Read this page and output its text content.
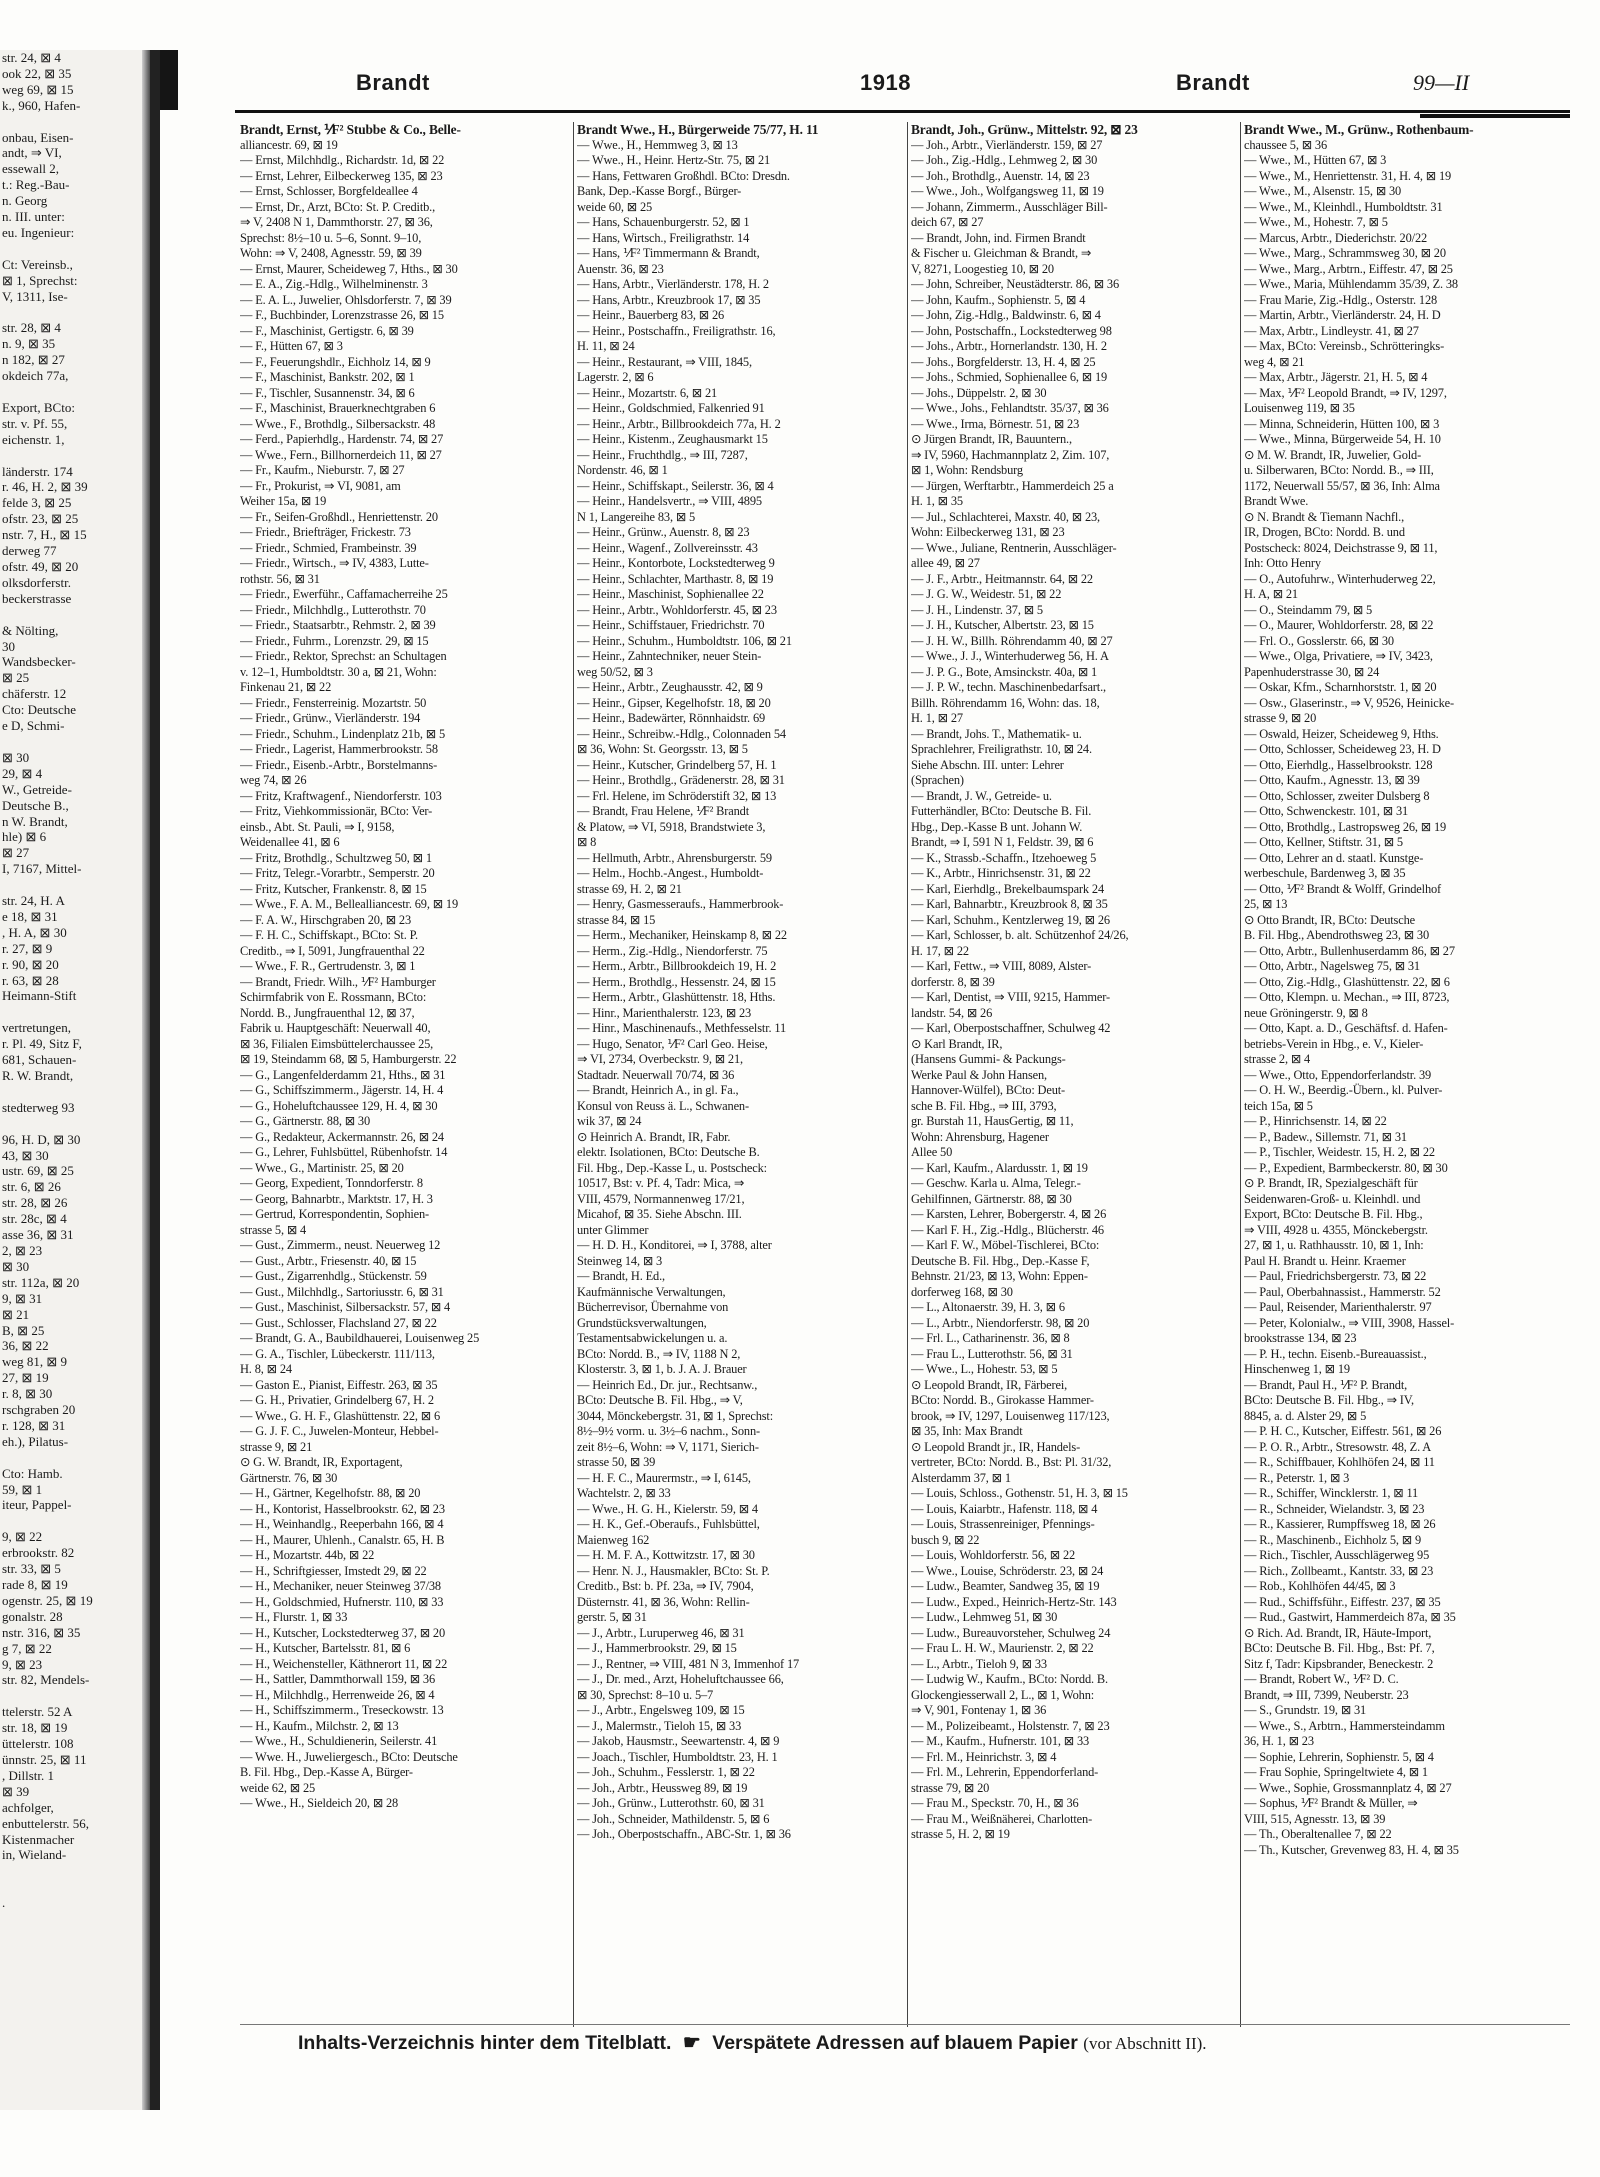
str. 24, ⊠ 4
ook 22, ⊠ 35
weg 69, ⊠ 15
k., 960, Hafen-

onbau, Eisen-
andt, ⇒ VI,
essewall 2,
t.: Reg.-Bau-
n. Georg
n. III. unter:
eu. Ingenieur:

Ct: Vereinsb.,
⊠ 1, Sprechst:
V, 1311, Ise-

str. 28, ⊠ 4
n. 9, ⊠ 35
n 182, ⊠ 27
okdeich 77a,

Export, BCto:
str. v. Pf. 55,
eichenstr. 1,

länderstr. 174
r. 46, H. 2, ⊠ 39
felde 3, ⊠ 25
ofstr. 23, ⊠ 25
nstr. 7, H., ⊠ 15
derweg 77
ofstr. 49, ⊠ 20
olksdorferstr.
beckerstrasse

& Nölting,
30
Wandsbecker-
⊠ 25
chäferstr. 12
Cto: Deutsche
e D, Schmi-

⊠ 30
29, ⊠ 4
W., Getreide-
Deutsche B.,
n W. Brandt,
hle) ⊠ 6
⊠ 27
I, 7167, Mittel-

str. 24, H. A
e 18, ⊠ 31
, H. A, ⊠ 30
r. 27, ⊠ 9
r. 90, ⊠ 20
r. 63, ⊠ 28
Heimann-Stift

vertretungen,
r. Pl. 49, Sitz F,
681, Schauen-
R. W. Brandt,

stedterweg 93

96, H. D, ⊠ 30
43, ⊠ 30
ustr. 69, ⊠ 25
str. 6, ⊠ 26
str. 28, ⊠ 26
str. 28c, ⊠ 4
asse 36, ⊠ 31
2, ⊠ 23
⊠ 30
str. 112a, ⊠ 20
9, ⊠ 31
⊠ 21
B, ⊠ 25
36, ⊠ 22
weg 81, ⊠ 9
27, ⊠ 19
r. 8, ⊠ 30
rschgraben 20
r. 128, ⊠ 31
eh.), Pilatus-

Cto: Hamb.
59, ⊠ 1
iteur, Pappel-

9, ⊠ 22
erbrookstr. 82
str. 33, ⊠ 5
rade 8, ⊠ 19
ogenstr. 25, ⊠ 19
gonalstr. 28
nstr. 316, ⊠ 35
g 7, ⊠ 22
9, ⊠ 23
str. 82, Mendels-

ttelerstr. 52 A
str. 18, ⊠ 19
üttelerstr. 108
ünnstr. 25, ⊠ 11
, Dillstr. 1
⊠ 39
achfolger,
enbuttelerstr. 56,
Kistenmacher
in, Wieland-

.
Brandt	1918	Brandt	99—II
Brandt, Ernst, ⅟F² Stubbe & Co., Belle-
alliancestr. 69, ⊠ 19
— Ernst, Milchhdlg., Richardstr. 1d, ⊠ 22
— Ernst, Lehrer, Eilbeckerweg 135, ⊠ 23
— Ernst, Schlosser, Borgfeldeallee 4
— Ernst, Dr., Arzt, BCto: St. P. Creditb.,
⇒ V, 2408 N 1, Dammthorstr. 27, ⊠ 36,
Sprechst: 8½–10 u. 5–6, Sonnt. 9–10,
Wohn: ⇒ V, 2408, Agnesstr. 59, ⊠ 39
— Ernst, Maurer, Scheideweg 7, Hths., ⊠ 30
— E. A., Zig.-Hdlg., Wilhelminenstr. 3
— E. A. L., Juwelier, Ohlsdorferstr. 7, ⊠ 39
— F., Buchbinder, Lorenzstrasse 26, ⊠ 15
— F., Maschinist, Gertigstr. 6, ⊠ 39
— F., Hütten 67, ⊠ 3
— F., Feuerungshdlr., Eichholz 14, ⊠ 9
— F., Maschinist, Bankstr. 202, ⊠ 1
— F., Tischler, Susannenstr. 34, ⊠ 6
— F., Maschinist, Brauerknechtgraben 6
— Wwe., F., Brothdlg., Silbersackstr. 48
— Ferd., Papierhdlg., Hardenstr. 74, ⊠ 27
— Wwe., Fern., Billhornerdeich 11, ⊠ 27
— Fr., Kaufm., Nieburstr. 7, ⊠ 27
— Fr., Prokurist, ⇒ VI, 9081, am
Weiher 15a, ⊠ 19
— Fr., Seifen-Großhdl., Henriettenstr. 20
— Friedr., Briefträger, Frickestr. 73
— Friedr., Schmied, Frambeinstr. 39
— Friedr., Wirtsch., ⇒ IV, 4383, Lutte-
rothstr. 56, ⊠ 31
— Friedr., Ewerführ., Caffamacherreihe 25
— Friedr., Milchhdlg., Lutterothstr. 70
— Friedr., Staatsarbtr., Rehmstr. 2, ⊠ 39
— Friedr., Fuhrm., Lorenzstr. 29, ⊠ 15
— Friedr., Rektor, Sprechst: an Schultagen
v. 12–1, Humboldtstr. 30 a, ⊠ 21, Wohn:
Finkenau 21, ⊠ 22
— Friedr., Fensterreinig. Mozartstr. 50
— Friedr., Grünw., Vierländerstr. 194
— Friedr., Schuhm., Lindenplatz 21b, ⊠ 5
— Friedr., Lagerist, Hammerbrookstr. 58
— Friedr., Eisenb.-Arbtr., Borstelmanns-
weg 74, ⊠ 26
— Fritz, Kraftwagenf., Niendorferstr. 103
— Fritz, Viehkommissionär, BCto: Ver-
einsb., Abt. St. Pauli, ⇒ I, 9158,
Weidenallee 41, ⊠ 6
— Fritz, Brothdlg., Schultzweg 50, ⊠ 1
— Fritz, Telegr.-Vorarbtr., Semperstr. 20
— Fritz, Kutscher, Frankenstr. 8, ⊠ 15
— Wwe., F. A. M., Bellealliancestr. 69, ⊠ 19
— F. A. W., Hirschgraben 20, ⊠ 23
— F. H. C., Schiffskapt., BCto: St. P.
Creditb., ⇒ I, 5091, Jungfrauenthal 22
— Wwe., F. R., Gertrudenstr. 3, ⊠ 1
— Brandt, Friedr. Wilh., ⅟F² Hamburger
Schirmfabrik von E. Rossmann, BCto:
Nordd. B., Jungfrauenthal 12, ⊠ 37,
Fabrik u. Hauptgeschäft: Neuerwall 40,
⊠ 36, Filialen Eimsbüttelerchaussee 25,
⊠ 19, Steindamm 68, ⊠ 5, Hamburgerstr. 22
— G., Langenfelderdamm 21, Hths., ⊠ 31
— G., Schiffszimmerm., Jägerstr. 14, H. 4
— G., Hoheluftchaussee 129, H. 4, ⊠ 30
— G., Gärtnerstr. 88, ⊠ 30
— G., Redakteur, Ackermannstr. 26, ⊠ 24
— G., Lehrer, Fuhlsbüttel, Rübenhofstr. 14
— Wwe., G., Martinistr. 25, ⊠ 20
— Georg, Expedient, Tonndorferstr. 8
— Georg, Bahnarbtr., Marktstr. 17, H. 3
— Gertrud, Korrespondentin, Sophien-
strasse 5, ⊠ 4
— Gust., Zimmerm., neust. Neuerweg 12
— Gust., Arbtr., Friesenstr. 40, ⊠ 15
— Gust., Zigarrenhdlg., Stückenstr. 59
— Gust., Milchhdlg., Sartoriusstr. 6, ⊠ 31
— Gust., Maschinist, Silbersackstr. 57, ⊠ 4
— Gust., Schlosser, Flachsland 27, ⊠ 22
— Brandt, G. A., Baubildhauerei, Louisenweg 25
— G. A., Tischler, Lübeckerstr. 111/113,
H. 8, ⊠ 24
— Gaston E., Pianist, Eiffestr. 263, ⊠ 35
— G. H., Privatier, Grindelberg 67, H. 2
— Wwe., G. H. F., Glashüttenstr. 22, ⊠ 6
— G. J. F. C., Juwelen-Monteur, Hebbel-
strasse 9, ⊠ 21
⊙ G. W. Brandt, IR, Exportagent,
Gärtnerstr. 76, ⊠ 30
— H., Gärtner, Kegelhofstr. 88, ⊠ 20
— H., Kontorist, Hasselbrookstr. 62, ⊠ 23
— H., Weinhandlg., Reeperbahn 166, ⊠ 4
— H., Maurer, Uhlenh., Canalstr. 65, H. B
— H., Mozartstr. 44b, ⊠ 22
— H., Schriftgiesser, Imstedt 29, ⊠ 22
— H., Mechaniker, neuer Steinweg 37/38
— H., Goldschmied, Hufnerstr. 110, ⊠ 33
— H., Flurstr. 1, ⊠ 33
— H., Kutscher, Lockstedterweg 37, ⊠ 20
— H., Kutscher, Bartelsstr. 81, ⊠ 6
— H., Weichensteller, Käthnerort 11, ⊠ 22
— H., Sattler, Dammthorwall 159, ⊠ 36
— H., Milchhdlg., Herrenweide 26, ⊠ 4
— H., Schiffszimmerm., Treseckowstr. 13
— H., Kaufm., Milchstr. 2, ⊠ 13
— Wwe., H., Schuldienerin, Seilerstr. 41
— Wwe. H., Juweliergesch., BCto: Deutsche
B. Fil. Hbg., Dep.-Kasse A, Bürger-
weide 62, ⊠ 25
— Wwe., H., Sieldeich 20, ⊠ 28
Brandt Wwe., H., Bürgerweide 75/77, H. 11
— Wwe., H., Hemmweg 3, ⊠ 13
— Wwe., H., Heinr. Hertz-Str. 75, ⊠ 21
— Hans, Fettwaren Großhdl. BCto: Dresdn.
Bank, Dep.-Kasse Borgf., Bürger-
weide 60, ⊠ 25
— Hans, Schauenburgerstr. 52, ⊠ 1
— Hans, Wirtsch., Freiligrathstr. 14
— Hans, ⅟F² Timmermann & Brandt,
Auenstr. 36, ⊠ 23
— Hans, Arbtr., Vierländerstr. 178, H. 2
— Hans, Arbtr., Kreuzbrook 17, ⊠ 35
— Heinr., Bauerberg 83, ⊠ 26
— Heinr., Postschaffn., Freiligrathstr. 16,
H. 11, ⊠ 24
— Heinr., Restaurant, ⇒ VIII, 1845,
Lagerstr. 2, ⊠ 6
— Heinr., Mozartstr. 6, ⊠ 21
— Heinr., Goldschmied, Falkenried 91
— Heinr., Arbtr., Billbrookdeich 77a, H. 2
— Heinr., Kistenm., Zeughausmarkt 15
— Heinr., Fruchthdlg., ⇒ III, 7287,
Nordenstr. 46, ⊠ 1
— Heinr., Schiffskapt., Seilerstr. 36, ⊠ 4
— Heinr., Handelsvertr., ⇒ VIII, 4895
N 1, Langereihe 83, ⊠ 5
— Heinr., Grünw., Auenstr. 8, ⊠ 23
— Heinr., Wagenf., Zollvereinsstr. 43
— Heinr., Kontorbote, Lockstedterweg 9
— Heinr., Schlachter, Marthastr. 8, ⊠ 19
— Heinr., Maschinist, Sophienallee 22
— Heinr., Arbtr., Wohldorferstr. 45, ⊠ 23
— Heinr., Schiffstauer, Friedrichstr. 70
— Heinr., Schuhm., Humboldtstr. 106, ⊠ 21
— Heinr., Zahntechniker, neuer Stein-
weg 50/52, ⊠ 3
— Heinr., Arbtr., Zeughausstr. 42, ⊠ 9
— Heinr., Gipser, Kegelhofstr. 18, ⊠ 20
— Heinr., Badewärter, Rönnhaidstr. 69
— Heinr., Schreibw.-Hdlg., Colonnaden 54
⊠ 36, Wohn: St. Georgsstr. 13, ⊠ 5
— Heinr., Kutscher, Grindelberg 57, H. 1
— Heinr., Brothdlg., Grädenerstr. 28, ⊠ 31
— Frl. Helene, im Schröderstift 32, ⊠ 13
— Brandt, Frau Helene, ⅟F² Brandt
& Platow, ⇒ VI, 5918, Brandstwiete 3,
⊠ 8
— Hellmuth, Arbtr., Ahrensburgerstr. 59
— Helm., Hochb.-Angest., Humboldt-
strasse 69, H. 2, ⊠ 21
— Henry, Gasmesseraufs., Hammerbrook-
strasse 84, ⊠ 15
— Herm., Mechaniker, Heinskamp 8, ⊠ 22
— Herm., Zig.-Hdlg., Niendorferstr. 75
— Herm., Arbtr., Billbrookdeich 19, H. 2
— Herm., Brothdlg., Hessenstr. 24, ⊠ 15
— Herm., Arbtr., Glashüttenstr. 18, Hths.
— Hinr., Marienthalerstr. 123, ⊠ 23
— Hinr., Maschinenaufs., Methfesselstr. 11
— Hugo, Senator, ⅟F² Carl Geo. Heise,
⇒ VI, 2734, Overbeckstr. 9, ⊠ 21,
Stadtadr. Neuerwall 70/74, ⊠ 36
— Brandt, Heinrich A., in gl. Fa.,
Konsul von Reuss ä. L., Schwanen-
wik 37, ⊠ 24
⊙ Heinrich A. Brandt, IR, Fabr.
elektr. Isolationen, BCto: Deutsche B.
Fil. Hbg., Dep.-Kasse L, u. Postscheck:
10517, Bst: v. Pf. 4, Tadr: Mica, ⇒
VIII, 4579, Normannenweg 17/21,
Micahof, ⊠ 35. Siehe Abschn. III.
unter Glimmer
— H. D. H., Konditorei, ⇒ I, 3788, alter
Steinweg 14, ⊠ 3
— Brandt, H. Ed.,
Kaufmännische Verwaltungen,
Bücherrevisor, Übernahme von
Grundstücksverwaltungen,
Testamentsabwickelungen u. a.
BCto: Nordd. B., ⇒ IV, 1188 N 2,
Klosterstr. 3, ⊠ 1, b. J. A. J. Brauer
— Heinrich Ed., Dr. jur., Rechtsanw.,
BCto: Deutsche B. Fil. Hbg., ⇒ V,
3044, Mönckebergstr. 31, ⊠ 1, Sprechst:
8½–9½ vorm. u. 3½–6 nachm., Sonn-
zeit 8½–6, Wohn: ⇒ V, 1171, Sierich-
strasse 50, ⊠ 39
— H. F. C., Maurermstr., ⇒ I, 6145,
Wachtelstr. 2, ⊠ 33
— Wwe., H. G. H., Kielerstr. 59, ⊠ 4
— H. K., Gef.-Oberaufs., Fuhlsbüttel,
Maienweg 162
— H. M. F. A., Kottwitzstr. 17, ⊠ 30
— Henr. N. J., Hausmakler, BCto: St. P.
Creditb., Bst: b. Pf. 23a, ⇒ IV, 7904,
Düsternstr. 41, ⊠ 36, Wohn: Rellin-
gerstr. 5, ⊠ 31
— J., Arbtr., Luruperweg 46, ⊠ 31
— J., Hammerbrookstr. 29, ⊠ 15
— J., Rentner, ⇒ VIII, 481 N 3, Immenhof 17
— J., Dr. med., Arzt, Hoheluftchaussee 66,
⊠ 30, Sprechst: 8–10 u. 5–7
— J., Arbtr., Engelsweg 109, ⊠ 15
— J., Malermstr., Tieloh 15, ⊠ 33
— Jakob, Hausmstr., Seewartenstr. 4, ⊠ 9
— Joach., Tischler, Humboldtstr. 23, H. 1
— Joh., Schuhm., Fesslerstr. 1, ⊠ 22
— Joh., Arbtr., Heussweg 89, ⊠ 19
— Joh., Grünw., Lutterothstr. 60, ⊠ 31
— Joh., Schneider, Mathildenstr. 5, ⊠ 6
— Joh., Oberpostschaffn., ABC-Str. 1, ⊠ 36
Brandt, Joh., Grünw., Mittelstr. 92, ⊠ 23
— Joh., Arbtr., Vierländerstr. 159, ⊠ 27
— Joh., Zig.-Hdlg., Lehmweg 2, ⊠ 30
— Joh., Brothdlg., Auenstr. 14, ⊠ 23
— Wwe., Joh., Wolfgangsweg 11, ⊠ 19
— Johann, Zimmerm., Ausschläger Bill-
deich 67, ⊠ 27
— Brandt, John, ind. Firmen Brandt
& Fischer u. Gleichman & Brandt, ⇒
V, 8271, Loogestieg 10, ⊠ 20
— John, Schreiber, Neustädterstr. 86, ⊠ 36
— John, Kaufm., Sophienstr. 5, ⊠ 4
— John, Zig.-Hdlg., Baldwinstr. 6, ⊠ 4
— John, Postschaffn., Lockstedterweg 98
— Johs., Arbtr., Hornerlandstr. 130, H. 2
— Johs., Borgfelderstr. 13, H. 4, ⊠ 25
— Johs., Schmied, Sophienallee 6, ⊠ 19
— Johs., Düppelstr. 2, ⊠ 30
— Wwe., Johs., Fehlandtstr. 35/37, ⊠ 36
— Wwe., Irma, Börnestr. 51, ⊠ 23
⊙ Jürgen Brandt, IR, Bauuntern.,
⇒ IV, 5960, Hachmannplatz 2, Zim. 107,
⊠ 1, Wohn: Rendsburg
— Jürgen, Werftarbtr., Hammerdeich 25 a
H. 1, ⊠ 35
— Jul., Schlachterei, Maxstr. 40, ⊠ 23,
Wohn: Eilbeckerweg 131, ⊠ 23
— Wwe., Juliane, Rentnerin, Ausschläger-
allee 49, ⊠ 27
— J. F., Arbtr., Heitmannstr. 64, ⊠ 22
— J. G. W., Weidestr. 51, ⊠ 22
— J. H., Lindenstr. 37, ⊠ 5
— J. H., Kutscher, Albertstr. 23, ⊠ 15
— J. H. W., Billh. Röhrendamm 40, ⊠ 27
— Wwe., J. J., Winterhuderweg 56, H. A
— J. P. G., Bote, Amsinckstr. 40a, ⊠ 1
— J. P. W., techn. Maschinenbedarfsart.,
Billh. Röhrendamm 16, Wohn: das. 18,
H. 1, ⊠ 27
— Brandt, Johs. T., Mathematik- u.
Sprachlehrer, Freiligrathstr. 10, ⊠ 24.
Siehe Abschn. III. unter: Lehrer
(Sprachen)
— Brandt, J. W., Getreide- u.
Futterhändler, BCto: Deutsche B. Fil.
Hbg., Dep.-Kasse B unt. Johann W.
Brandt, ⇒ I, 591 N 1, Feldstr. 39, ⊠ 6
— K., Strassb.-Schaffn., Itzehoeweg 5
— K., Arbtr., Hinrichsenstr. 31, ⊠ 22
— Karl, Eierhdlg., Brekelbaumspark 24
— Karl, Bahnarbtr., Kreuzbrook 8, ⊠ 35
— Karl, Schuhm., Kentzlerweg 19, ⊠ 26
— Karl, Schlosser, b. alt. Schützenhof 24/26,
H. 17, ⊠ 22
— Karl, Fettw., ⇒ VIII, 8089, Alster-
dorferstr. 8, ⊠ 39
— Karl, Dentist, ⇒ VIII, 9215, Hammer-
landstr. 54, ⊠ 26
— Karl, Oberpostschaffner, Schulweg 42
⊙ Karl Brandt, IR,
(Hansens Gummi- & Packungs-
Werke Paul & John Hansen,
Hannover-Wülfel), BCto: Deut-
sche B. Fil. Hbg., ⇒ III, 3793,
gr. Burstah 11, HausGertig, ⊠ 11,
Wohn: Ahrensburg, Hagener
Allee 50
— Karl, Kaufm., Alardusstr. 1, ⊠ 19
— Geschw. Karla u. Alma, Telegr.-
Gehilfinnen, Gärtnerstr. 88, ⊠ 30
— Karsten, Lehrer, Bobergerstr. 4, ⊠ 26
— Karl F. H., Zig.-Hdlg., Blücherstr. 46
— Karl F. W., Möbel-Tischlerei, BCto:
Deutsche B. Fil. Hbg., Dep.-Kasse F,
Behnstr. 21/23, ⊠ 13, Wohn: Eppen-
dorferweg 168, ⊠ 30
— L., Altonaerstr. 39, H. 3, ⊠ 6
— L., Arbtr., Niendorferstr. 98, ⊠ 20
— Frl. L., Catharinenstr. 36, ⊠ 8
— Frau L., Lutterothstr. 56, ⊠ 31
— Wwe., L., Hohestr. 53, ⊠ 5
⊙ Leopold Brandt, IR, Färberei,
BCto: Nordd. B., Girokasse Hammer-
brook, ⇒ IV, 1297, Louisenweg 117/123,
⊠ 35, Inh: Max Brandt
⊙ Leopold Brandt jr., IR, Handels-
vertreter, BCto: Nordd. B., Bst: Pl. 31/32,
Alsterdamm 37, ⊠ 1
— Louis, Schloss., Gothenstr. 51, H. 3, ⊠ 15
— Louis, Kaiarbtr., Hafenstr. 118, ⊠ 4
— Louis, Strassenreiniger, Pfennings-
busch 9, ⊠ 22
— Louis, Wohldorferstr. 56, ⊠ 22
— Wwe., Louise, Schröderstr. 23, ⊠ 24
— Ludw., Beamter, Sandweg 35, ⊠ 19
— Ludw., Exped., Heinrich-Hertz-Str. 143
— Ludw., Lehmweg 51, ⊠ 30
— Ludw., Bureauvorsteher, Schulweg 24
— Frau L. H. W., Maurienstr. 2, ⊠ 22
— L., Arbtr., Tieloh 9, ⊠ 33
— Ludwig W., Kaufm., BCto: Nordd. B.
Glockengiesserwall 2, L., ⊠ 1, Wohn:
⇒ V, 901, Fontenay 1, ⊠ 36
— M., Polizeibeamt., Holstenstr. 7, ⊠ 23
— M., Kaufm., Hufnerstr. 101, ⊠ 33
— Frl. M., Heinrichstr. 3, ⊠ 4
— Frl. M., Lehrerin, Eppendorferland-
strasse 79, ⊠ 20
— Frau M., Speckstr. 70, H., ⊠ 36
— Frau M., Weißnäherei, Charlotten-
strasse 5, H. 2, ⊠ 19
Brandt Wwe., M., Grünw., Rothenbaum-
chaussee 5, ⊠ 36
— Wwe., M., Hütten 67, ⊠ 3
— Wwe., M., Henriettenstr. 31, H. 4, ⊠ 19
— Wwe., M., Alsenstr. 15, ⊠ 30
— Wwe., M., Kleinhdl., Humboldtstr. 31
— Wwe., M., Hohestr. 7, ⊠ 5
— Marcus, Arbtr., Diederichstr. 20/22
— Wwe., Marg., Schrammsweg 30, ⊠ 20
— Wwe., Marg., Arbtrn., Eiffestr. 47, ⊠ 25
— Wwe., Maria, Mühlendamm 35/39, Z. 38
— Frau Marie, Zig.-Hdlg., Osterstr. 128
— Martin, Arbtr., Vierländerstr. 24, H. D
— Max, Arbtr., Lindleystr. 41, ⊠ 27
— Max, BCto: Vereinsb., Schrötteringks-
weg 4, ⊠ 21
— Max, Arbtr., Jägerstr. 21, H. 5, ⊠ 4
— Max, ⅟F² Leopold Brandt, ⇒ IV, 1297,
Louisenweg 119, ⊠ 35
— Minna, Schneiderin, Hütten 100, ⊠ 3
— Wwe., Minna, Bürgerweide 54, H. 10
⊙ M. W. Brandt, IR, Juwelier, Gold-
u. Silberwaren, BCto: Nordd. B., ⇒ III,
1172, Neuerwall 55/57, ⊠ 36, Inh: Alma
Brandt Wwe.
⊙ N. Brandt & Tiemann Nachfl.,
IR, Drogen, BCto: Nordd. B. und
Postscheck: 8024, Deichstrasse 9, ⊠ 11,
Inh: Otto Henry
— O., Autofuhrw., Winterhuderweg 22,
H. A, ⊠ 21
— O., Steindamm 79, ⊠ 5
— O., Maurer, Wohldorferstr. 28, ⊠ 22
— Frl. O., Gosslerstr. 66, ⊠ 30
— Wwe., Olga, Privatiere, ⇒ IV, 3423,
Papenhuderstrasse 30, ⊠ 24
— Oskar, Kfm., Scharnhorststr. 1, ⊠ 20
— Osw., Glaserinstr., ⇒ V, 9526, Heinicke-
strasse 9, ⊠ 20
— Oswald, Heizer, Scheideweg 9, Hths.
— Otto, Schlosser, Scheideweg 23, H. D
— Otto, Eierhdlg., Hasselbrookstr. 128
— Otto, Kaufm., Agnesstr. 13, ⊠ 39
— Otto, Schlosser, zweiter Dulsberg 8
— Otto, Schwenckestr. 101, ⊠ 31
— Otto, Brothdlg., Lastropsweg 26, ⊠ 19
— Otto, Kellner, Stiftstr. 31, ⊠ 5
— Otto, Lehrer an d. staatl. Kunstge-
werbeschule, Bardenweg 3, ⊠ 35
— Otto, ⅟F² Brandt & Wolff, Grindelhof
25, ⊠ 13
⊙ Otto Brandt, IR, BCto: Deutsche
B. Fil. Hbg., Abendrothsweg 23, ⊠ 30
— Otto, Arbtr., Bullenhuserdamm 86, ⊠ 27
— Otto, Arbtr., Nagelsweg 75, ⊠ 31
— Otto, Zig.-Hdlg., Glashüttenstr. 22, ⊠ 6
— Otto, Klempn. u. Mechan., ⇒ III, 8723,
neue Gröningerstr. 9, ⊠ 8
— Otto, Kapt. a. D., Geschäftsf. d. Hafen-
betriebs-Verein in Hbg., e. V., Kieler-
strasse 2, ⊠ 4
— Wwe., Otto, Eppendorferlandstr. 39
— O. H. W., Beerdig.-Übern., kl. Pulver-
teich 15a, ⊠ 5
— P., Hinrichsenstr. 14, ⊠ 22
— P., Badew., Sillemstr. 71, ⊠ 31
— P., Tischler, Weidestr. 15, H. 2, ⊠ 22
— P., Expedient, Barmbeckerstr. 80, ⊠ 30
⊙ P. Brandt, IR, Spezialgeschäft für
Seidenwaren-Groß- u. Kleinhdl. und
Export, BCto: Deutsche B. Fil. Hbg.,
⇒ VIII, 4928 u. 4355, Mönckebergstr.
27, ⊠ 1, u. Rathhausstr. 10, ⊠ 1, Inh:
Paul H. Brandt u. Heinr. Kraemer
— Paul, Friedrichsbergerstr. 73, ⊠ 22
— Paul, Oberbahnassist., Hammerstr. 52
— Paul, Reisender, Marienthalerstr. 97
— Peter, Kolonialw., ⇒ VIII, 3908, Hassel-
brookstrasse 134, ⊠ 23
— P. H., techn. Eisenb.-Bureauassist.,
Hinschenweg 1, ⊠ 19
— Brandt, Paul H., ⅟F² P. Brandt,
BCto: Deutsche B. Fil. Hbg., ⇒ IV,
8845, a. d. Alster 29, ⊠ 5
— P. H. C., Kutscher, Eiffestr. 561, ⊠ 26
— P. O. R., Arbtr., Stresowstr. 48, Z. A
— R., Schiffbauer, Kohlhöfen 24, ⊠ 11
— R., Peterstr. 1, ⊠ 3
— R., Schiffer, Wincklerstr. 1, ⊠ 11
— R., Schneider, Wielandstr. 3, ⊠ 23
— R., Kassierer, Rumpffsweg 18, ⊠ 26
— R., Maschinenb., Eichholz 5, ⊠ 9
— Rich., Tischler, Ausschlägerweg 95
— Rich., Zollbeamt., Kantstr. 33, ⊠ 23
— Rob., Kohlhöfen 44/45, ⊠ 3
— Rud., Schiffsführ., Eiffestr. 237, ⊠ 35
— Rud., Gastwirt, Hammerdeich 87a, ⊠ 35
⊙ Rich. Ad. Brandt, IR, Häute-Import,
BCto: Deutsche B. Fil. Hbg., Bst: Pf. 7,
Sitz f, Tadr: Kipsbrander, Beneckestr. 2
— Brandt, Robert W., ⅟F² D. C.
Brandt, ⇒ III, 7399, Neuberstr. 23
— S., Grundstr. 19, ⊠ 31
— Wwe., S., Arbtrn., Hammersteindamm
36, H. 1, ⊠ 23
— Sophie, Lehrerin, Sophienstr. 5, ⊠ 4
— Frau Sophie, Springeltwiete 4, ⊠ 1
— Wwe., Sophie, Grossmannplatz 4, ⊠ 27
— Sophus, ⅟F² Brandt & Müller, ⇒
VIII, 515, Agnesstr. 13, ⊠ 39
— Th., Oberaltenallee 7, ⊠ 22
— Th., Kutscher, Grevenweg 83, H. 4, ⊠ 35
Inhalts-Verzeichnis hinter dem Titelblatt. ☛ Verspätete Adressen auf blauem Papier (vor Abschnitt II).
